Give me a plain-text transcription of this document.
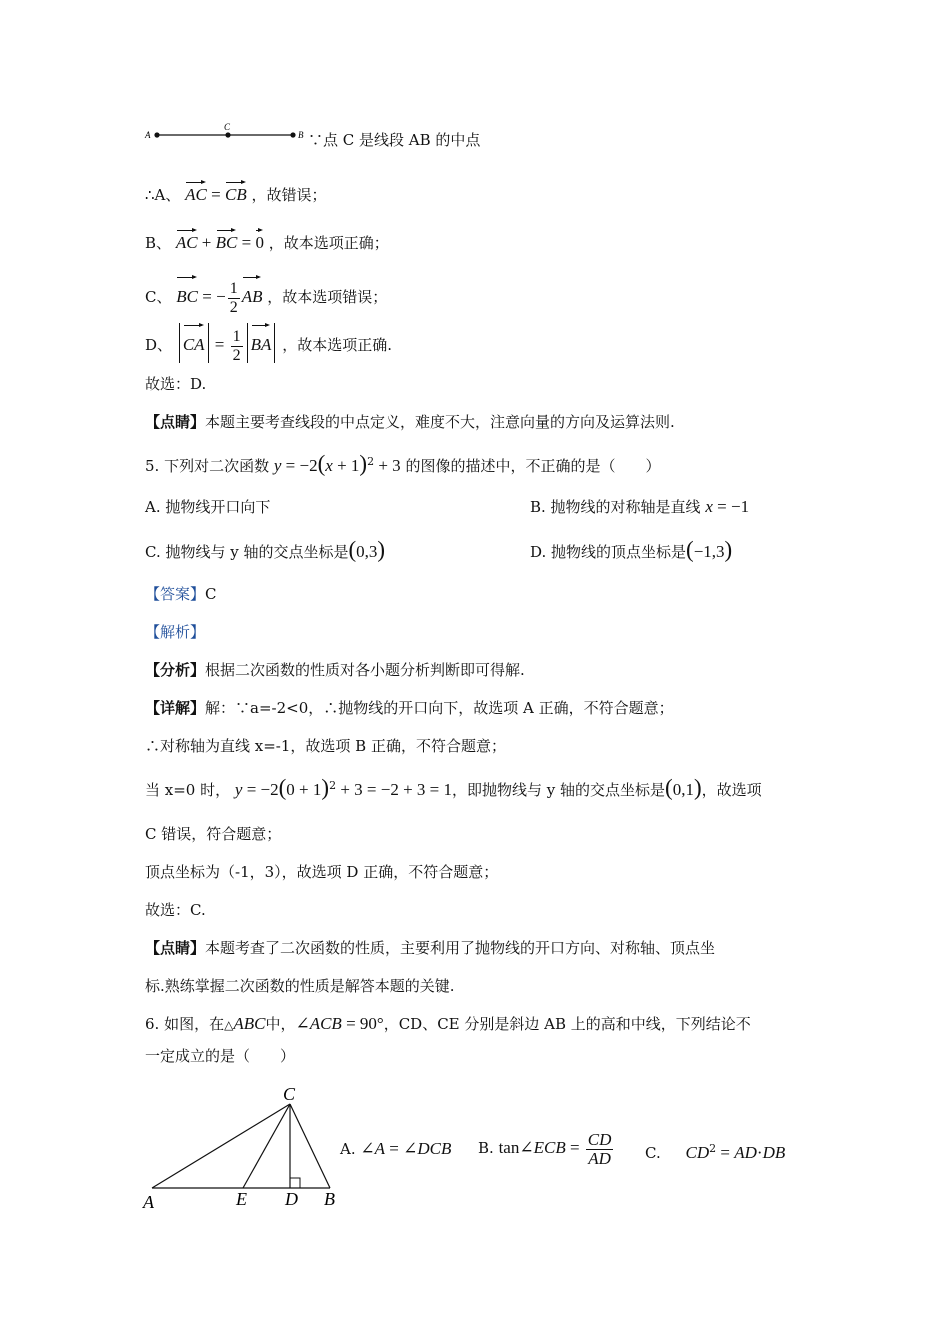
A
C
B ∵点 C 是线段 AB 的中点
∴A、 AC = CB ，故错误；
B、 AC + BC = 0 ，故本选项正确；
C、 BC = − $\frac{1}{2}$ AB ，故本选项错误；
D、 CA = $\frac{1}{2}$ BA ，故本选项正确.
故选：D.
【点睛】本题主要考查线段的中点定义，难度不大，注意向量的方向及运算法则.
5. 下列对二次函数 $y = -2(x + 1)^2 + 3$ 的图像的描述中，不正确的是（　　）
A. 抛物线开口向下	B. 抛物线的对称轴是直线 x = −1
C. 抛物线与 y 轴的交点坐标是(0,3)	D. 抛物线的顶点坐标是(−1,3)
【答案】C
【解析】
【分析】根据二次函数的性质对各小题分析判断即可得解.
【详解】解：∵a=-2<0，∴抛物线的开口向下，故选项 A 正确，不符合题意；
∴对称轴为直线 x=-1，故选项 B 正确，不符合题意；
当 x=0 时， $y = -2(0 + 1)^2 + 3 = -2 + 3 = 1$，即抛物线与 y 轴的交点坐标是(0,1)，故选项
C 错误，符合题意；
顶点坐标为（-1，3），故选项 D 正确，不符合题意；
故选：C.
【点睛】本题考查了二次函数的性质，主要利用了抛物线的开口方向、对称轴、顶点坐
标.熟练掌握二次函数的性质是解答本题的关键.
6. 如图，在△ABC中，∠ACB = 90°，CD、CE 分别是斜边 AB 上的高和中线，下列结论不
一定成立的是（　　）
C
A	E D B
A. ∠A = ∠DCB B. tan∠ECB = $\frac{CD}{AD} C$. $CD^2 = AD\cdot DB$
